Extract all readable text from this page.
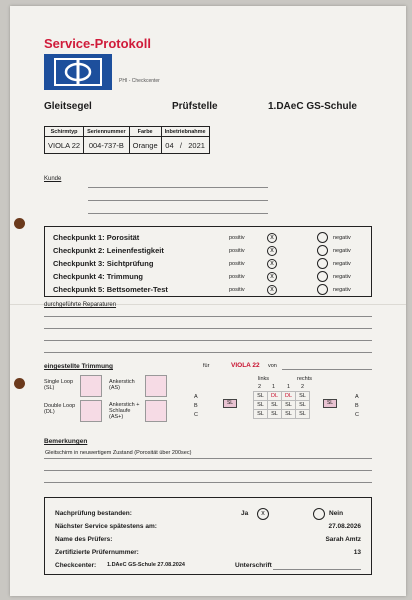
Service-Protokoll
PHI - Checkcenter
Gleitsegel	Prüfstelle	1.DAeC GS-Schule
Schirmtyp	Seriennummer	Farbe	Inbetriebnahme
VIOLA 22	004-737-B	Orange	04 / 2021
Kunde
Checkpunkt 1: Porosität	positiv	x	negativ
Checkpunkt 2: Leinenfestigkeit	positiv	x	negativ
Checkpunkt 3: Sichtprüfung	positiv	x	negativ
Checkpunkt 4: Trimmung	positiv	x	negativ
Checkpunkt 5: Bettsometer-Test	positiv	x	negativ
durchgeführte Reparaturen
eingestellte Trimmung	für	VIOLA 22 von
Single Loop (SL)
Ankerstich (AS)
Double Loop (DL)
Ankerstich + Schlaufe (AS+)
A
B
C
SL
links	rechts
2 1 1 2
SL	DL	DL	SL
SL	SL	SL	SL
SL	SL	SL	SL
SL
A
B
C
Bemerkungen
Gleitschirm in neuwertigem Zustand (Porosität über 200sec)
Nachprüfung bestanden:	Ja	x	Nein
Nächster Service spätestens am:	27.08.2026
Name des Prüfers:	Sarah Amtz
Zertifizierte Prüfernummer:	13
Checkcenter: 1.DAeC GS-Schule 27.08.2024	Unterschrift
